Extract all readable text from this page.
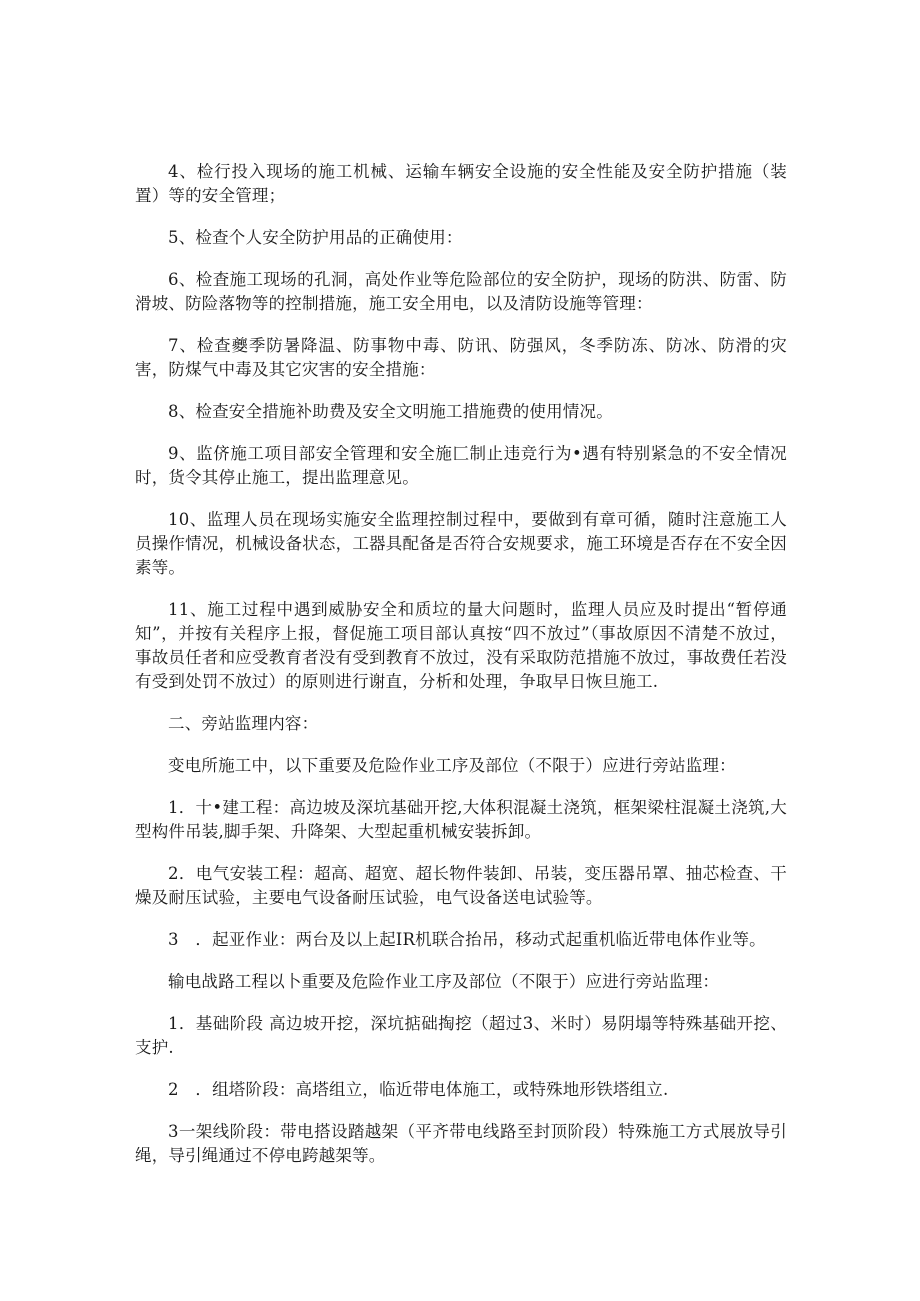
4、检行投入现场的施工机械、运输车辆安全设施的安全性能及安全防护措施（装置）等的安全管理；

5、检查个人安全防护用品的正确使用：

6、检査施工现场的孔洞，高处作业等危险部位的安全防护，现场的防洪、防雷、防滑坡、防险落物等的控制措施，施工安全用电，以及清防设施等管理：

7、检查夔季防暑降温、防事物中毒、防讯、防强风，冬季防冻、防冰、防滑的灾害，防煤气中毒及其它灾害的安全措施：

8、检查安全措施补助费及安全文明施工措施费的使用情况。

9、监侪施工项目部安全管理和安全施匚制止违竞行为•遇有特别紧急的不安全情况时，货令其停止施工，提出监理意见。

10、监理人员在现场实施安全监理控制过程中，要做到有章可循，随时注意施工人员操作情况，机械设备状态，工器具配备是否符合安规要求，施工环境是否存在不安全因素等。

11、施工过程中遇到威胁安全和质垃的量大问题时，监理人员应及时提出“暂停通知”，并按有关程序上报，督促施工项目部认真按“四不放过”（事故原因不清楚不放过，事故员任者和应受教育者没有受到教育不放过，没有采取防范措施不放过，事故费任若没有受到处罚不放过）的原则进行谢直，分析和处理，争取早日恢旦施工.

二、旁站监理内容：

变电所施工中，以下重要及危险作业工序及部位（不限于）应进行旁站监理：

1．十•建工程：高边坡及深坑基础开挖,大体积混凝土浇筑，框架梁柱混凝土浇筑,大型构件吊装,脚手架、升降架、大型起重机械安装拆卸。

2．电气安装工程：超高、超宽、超长物件装卸、吊装，变压器吊罩、抽芯检查、干燥及耐压试验，主要电气设备耐压试验，电气设备送电试验等。

3　．起亚作业：两台及以上起IR机联合抬吊，移动式起重机临近带电体作业等。

输电战路工程以卜重要及危险作业工序及部位（不限于）应进行旁站监理：

1．基础阶段 高边坡开挖，深坑掂础掏挖（超过3、米时）易阴塌等特殊基础开挖、支护.

2　．组塔阶段：高塔组立，临近带电体施工，或特殊地形铁塔组立.

3一架线阶段：带电搭设踏越架（平齐带电线路至封顶阶段）特殊施工方式展放导引绳，导引绳通过不停电跨越架等。
